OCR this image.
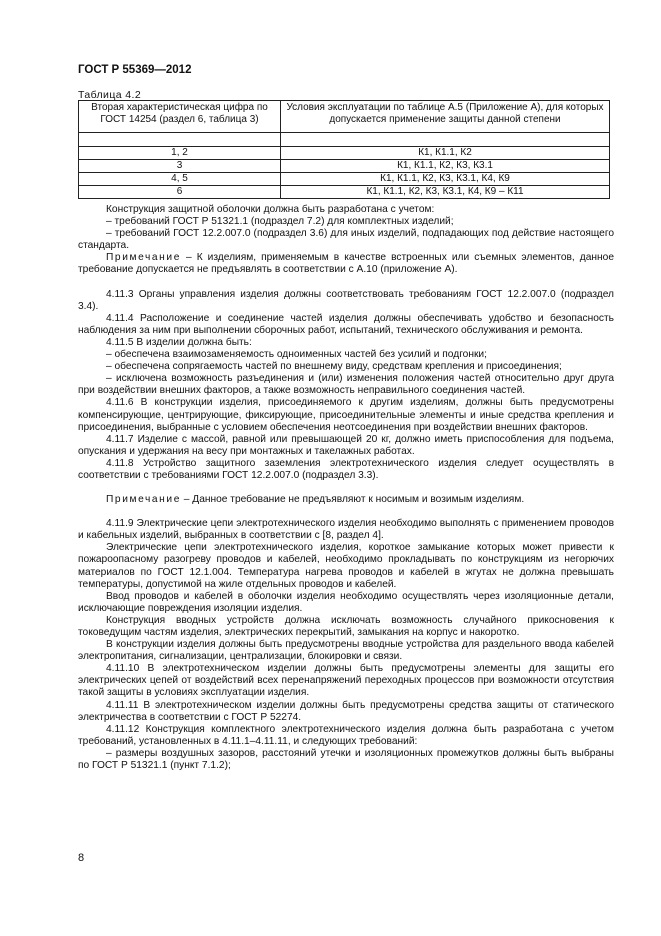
ГОСТ Р 55369—2012
Таблица 4.2
Вторая характеристическая цифра по ГОСТ 14254 (раздел 6, таблица 3)	Условия эксплуатации по таблице А.5 (Приложение А), для которых допускается применение защиты данной степени

1, 2	К1, К1.1, К2
3	К1, К1.1, К2, К3, К3.1
4, 5	К1, К1.1, К2, К3, К3.1, К4, К9
6	К1, К1.1, К2, К3, К3.1, К4, К9 – К11

Конструкция защитной оболочки должна быть разработана с учетом:

– требований ГОСТ Р 51321.1 (подраздел 7.2) для комплектных изделий;

– требований ГОСТ 12.2.007.0 (подраздел 3.6) для иных изделий, подпадающих под действие настоящего стандарта.

Примечание – К изделиям, применяемым в качестве встроенных или съемных элементов, данное требование допускается не предъявлять в соответствии с А.10 (приложение А).

4.11.3 Органы управления изделия должны соответствовать требованиям ГОСТ 12.2.007.0 (подраздел 3.4).

4.11.4 Расположение и соединение частей изделия должны обеспечивать удобство и безопасность наблюдения за ним при выполнении сборочных работ, испытаний, технического обслуживания и ремонта.

4.11.5 В изделии должна быть:

– обеспечена взаимозаменяемость одноименных частей без усилий и подгонки;

– обеспечена сопрягаемость частей по внешнему виду, средствам крепления и присоединения;

– исключена возможность разъединения и (или) изменения положения частей относительно друг друга при воздействии внешних факторов, а также возможность неправильного соединения частей.

4.11.6 В конструкции изделия, присоединяемого к другим изделиям, должны быть предусмотрены компенсирующие, центрирующие, фиксирующие, присоединительные элементы и иные средства крепления и присоединения, выбранные с условием обеспечения неотсоединения при воздействии внешних факторов.

4.11.7 Изделие с массой, равной или превышающей 20 кг, должно иметь приспособления для подъема, опускания и удержания на весу при монтажных и такелажных работах.

4.11.8 Устройство защитного заземления электротехнического изделия следует осуществлять в соответствии с требованиями ГОСТ 12.2.007.0 (подраздел 3.3).

Примечание – Данное требование не предъявляют к носимым и возимым изделиям.

4.11.9 Электрические цепи электротехнического изделия необходимо выполнять с применением проводов и кабельных изделий, выбранных в соответствии с [8, раздел 4].

Электрические цепи электротехнического изделия, короткое замыкание которых может привести к пожароопасному разогреву проводов и кабелей, необходимо прокладывать по конструкциям из негорючих материалов по ГОСТ 12.1.004. Температура нагрева проводов и кабелей в жгутах не должна превышать температуры, допустимой на жиле отдельных проводов и кабелей.

Ввод проводов и кабелей в оболочки изделия необходимо осуществлять через изоляционные детали, исключающие повреждения изоляции изделия.

Конструкция вводных устройств должна исключать возможность случайного прикосновения к токоведущим частям изделия, электрических перекрытий, замыкания на корпус и накоротко.

В конструкции изделия должны быть предусмотрены вводные устройства для раздельного ввода кабелей электропитания, сигнализации, централизации, блокировки и связи.

4.11.10 В электротехническом изделии должны быть предусмотрены элементы для защиты его электрических цепей от воздействий всех перенапряжений переходных процессов при возможности отсутствия такой защиты в условиях эксплуатации изделия.

4.11.11 В электротехническом изделии должны быть предусмотрены средства защиты от статического электричества в соответствии с ГОСТ Р 52274.

4.11.12 Конструкция комплектного электротехнического изделия должна быть разработана с учетом требований, установленных в 4.11.1–4.11.11, и следующих требований:

– размеры воздушных зазоров, расстояний утечки и изоляционных промежутков должны быть выбраны по ГОСТ Р 51321.1 (пункт 7.1.2);

8
